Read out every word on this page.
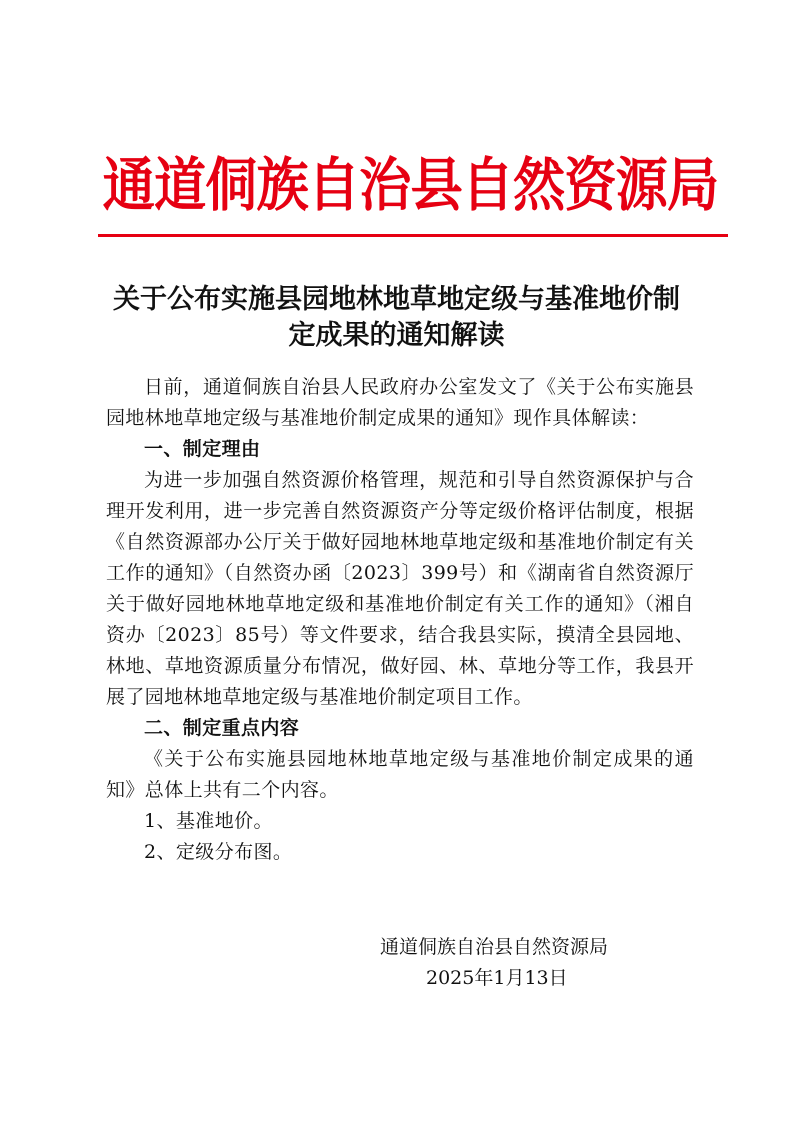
通道侗族自治县自然资源局
关于公布实施县园地林地草地定级与基准地价制定成果的通知解读

日前，通道侗族自治县人民政府办公室发文了《关于公布实施县园地林地草地定级与基准地价制定成果的通知》现作具体解读：

一、制定理由

为进一步加强自然资源价格管理，规范和引导自然资源保护与合理开发利用，进一步完善自然资源资产分等定级价格评估制度，根据《自然资源部办公厅关于做好园地林地草地定级和基准地价制定有关工作的通知》（自然资办函〔2023〕399号）和《湖南省自然资源厅关于做好园地林地草地定级和基准地价制定有关工作的通知》（湘自资办〔2023〕85号）等文件要求，结合我县实际，摸清全县园地、林地、草地资源质量分布情况，做好园、林、草地分等工作，我县开展了园地林地草地定级与基准地价制定项目工作。

二、制定重点内容

《关于公布实施县园地林地草地定级与基准地价制定成果的通知》总体上共有二个内容。

1、基准地价。

2、定级分布图。

通道侗族自治县自然资源局
2025年1月13日
